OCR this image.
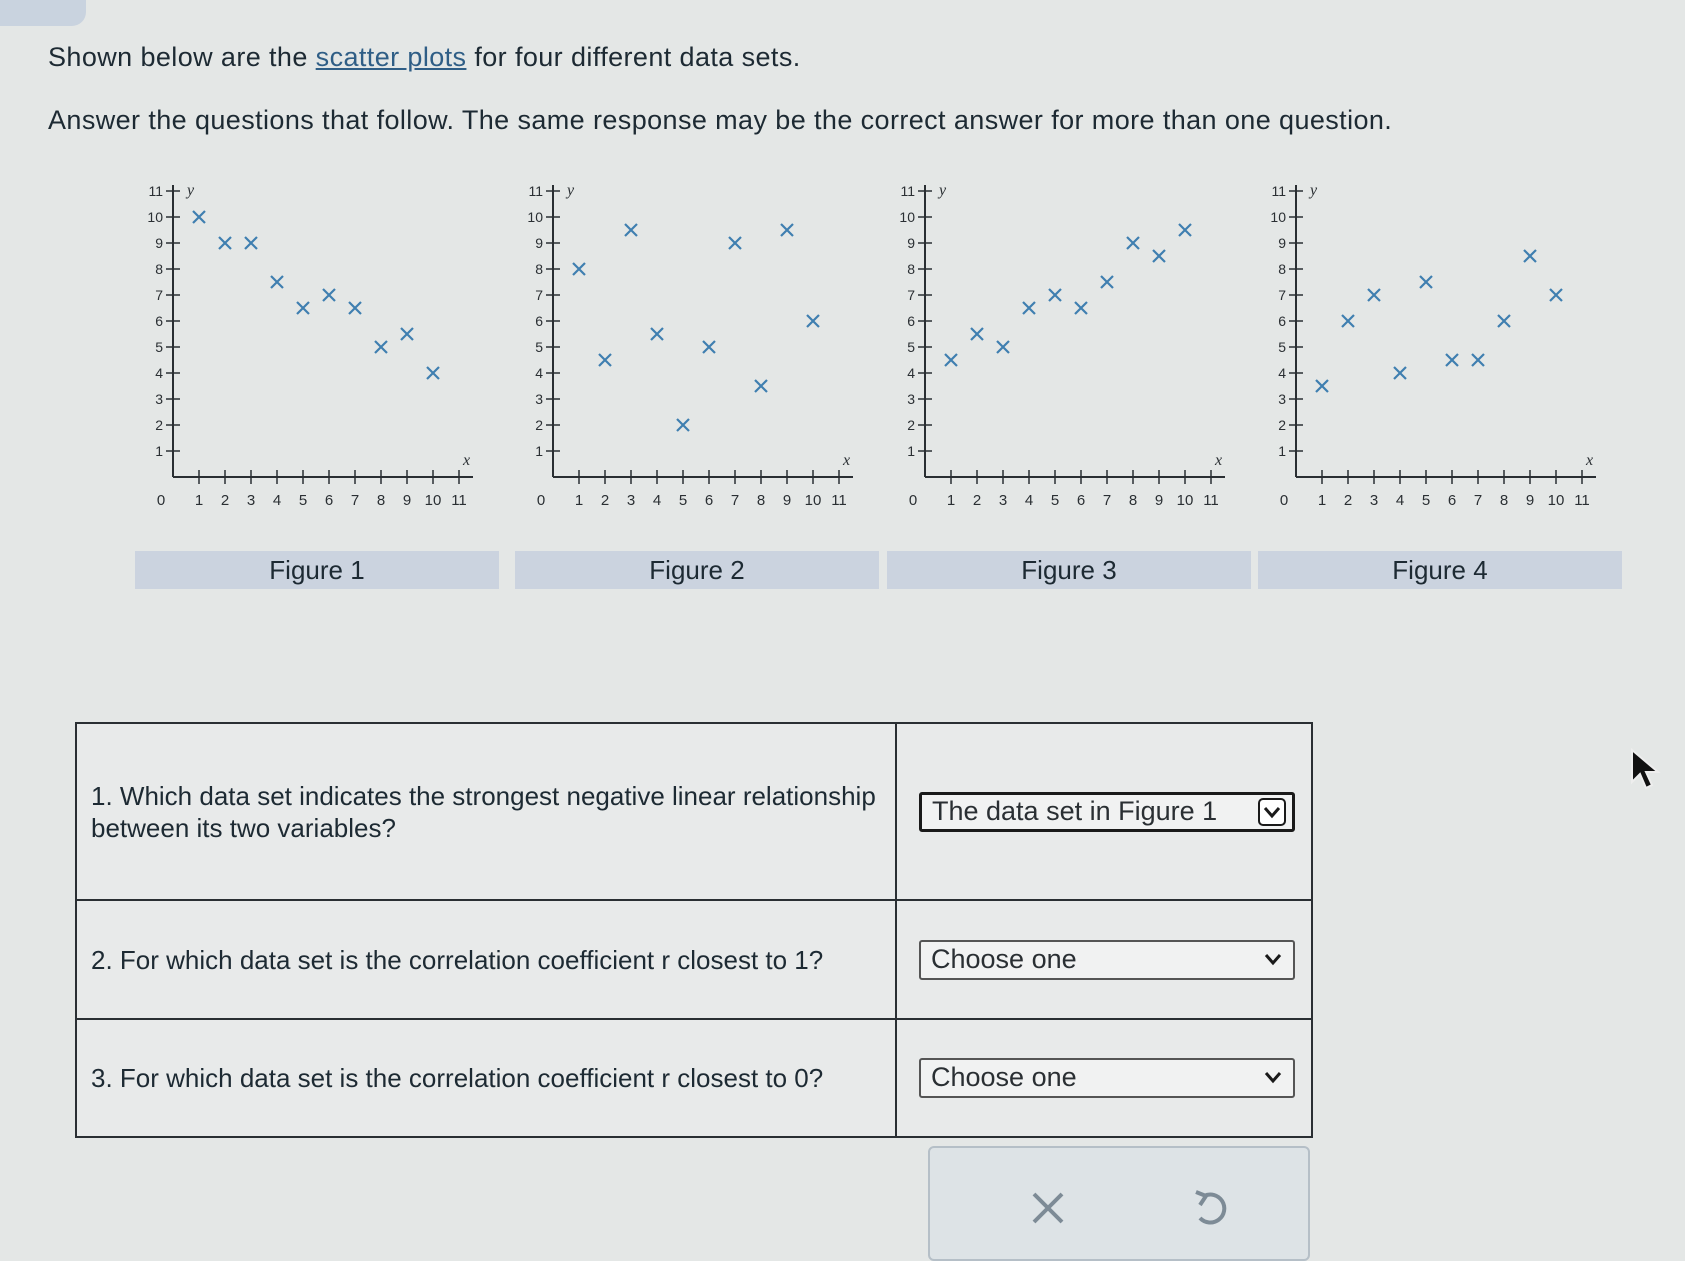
Shown below are the scatter plots for four different data sets.
Answer the questions that follow. The same response may be the correct answer for more than one question.
1 2 3 4 5 6 7 8 9 10 11
1
2
3
4
5
6
7
8
9
10
11
0
y
x
Figure 1
1 2 3 4 5 6 7 8 9 10 11
1
2
3
4
5
6
7
8
9
10
11
0
y
x
Figure 2
1 2 3 4 5 6 7 8 9 10 11
1
2
3
4
5
6
7
8
9
10
11
0
y
x
Figure 3
1 2 3 4 5 6 7 8 9 10 11
1
2
3
4
5
6
7
8
9
10
11
0
y
x
Figure 4
1. Which data set indicates the strongest negative linear relationship between its two variables?	The data set in Figure 1

2. For which data set is the correlation coefficient r closest to 1?	Choose one

3. For which data set is the correlation coefficient r closest to 0?	Choose one
